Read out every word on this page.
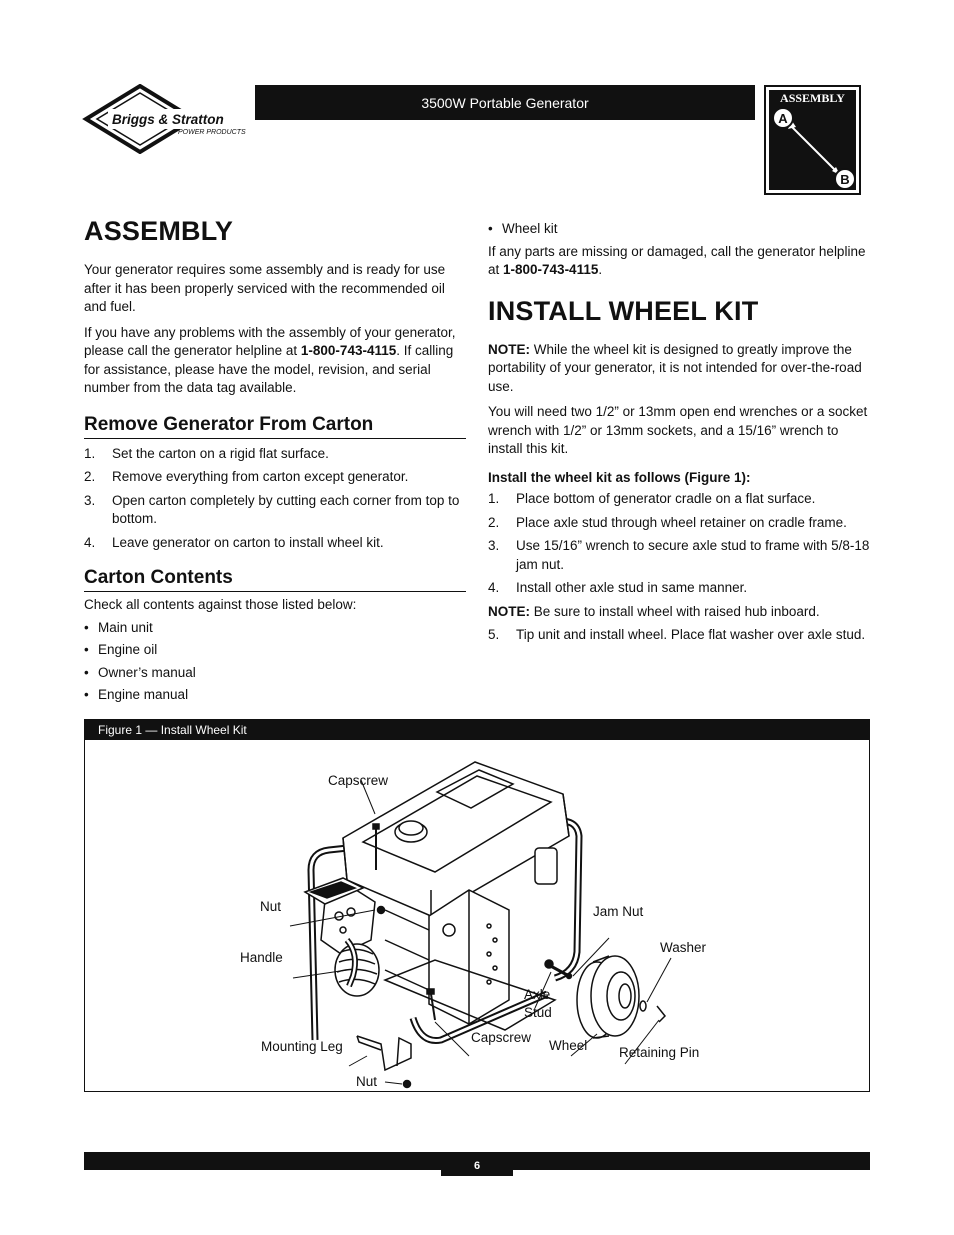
Briggs & Stratton
POWER PRODUCTS
3500W Portable Generator	ASSEMBLY
A
B
ASSEMBLY

Your generator requires some assembly and is ready for use after it has been properly serviced with the recommended oil and fuel.

If you have any problems with the assembly of your generator, please call the generator helpline at 1-800-743-4115. If calling for assistance, please have the model, revision, and serial number from the data tag available.

Remove Generator From Carton
1.	Set the carton on a rigid flat surface.
2.	Remove everything from carton except generator.
3.	Open carton completely by cutting each corner from top to bottom.
4.	Leave generator on carton to install wheel kit.
Carton Contents

Check all contents against those listed below:

• Main unit
• Engine oil
• Owner’s manual
• Engine manual
• Wheel kit

If any parts are missing or damaged, call the generator helpline at 1-800-743-4115.

INSTALL WHEEL KIT

NOTE: While the wheel kit is designed to greatly improve the portability of your generator, it is not intended for over-the-road use.

You will need two 1/2” or 13mm open end wrenches or a socket wrench with 1/2” or 13mm sockets, and a 15/16” wrench to install this kit.

Install the wheel kit as follows (Figure 1):

1.	Place bottom of generator cradle on a flat surface.
2.	Place axle stud through wheel retainer on cradle frame.
3.	Use 15/16” wrench to secure axle stud to frame with 5/8-18 jam nut.
4.	Install other axle stud in same manner.

NOTE: Be sure to install wheel with raised hub inboard.

5.	Tip unit and install wheel. Place flat washer over axle stud.
Figure 1 — Install Wheel Kit
Capscrew
Nut
Handle
Mounting Leg
Nut
Capscrew
Axle
Stud
Wheel
Jam Nut
Washer
Retaining Pin
6
